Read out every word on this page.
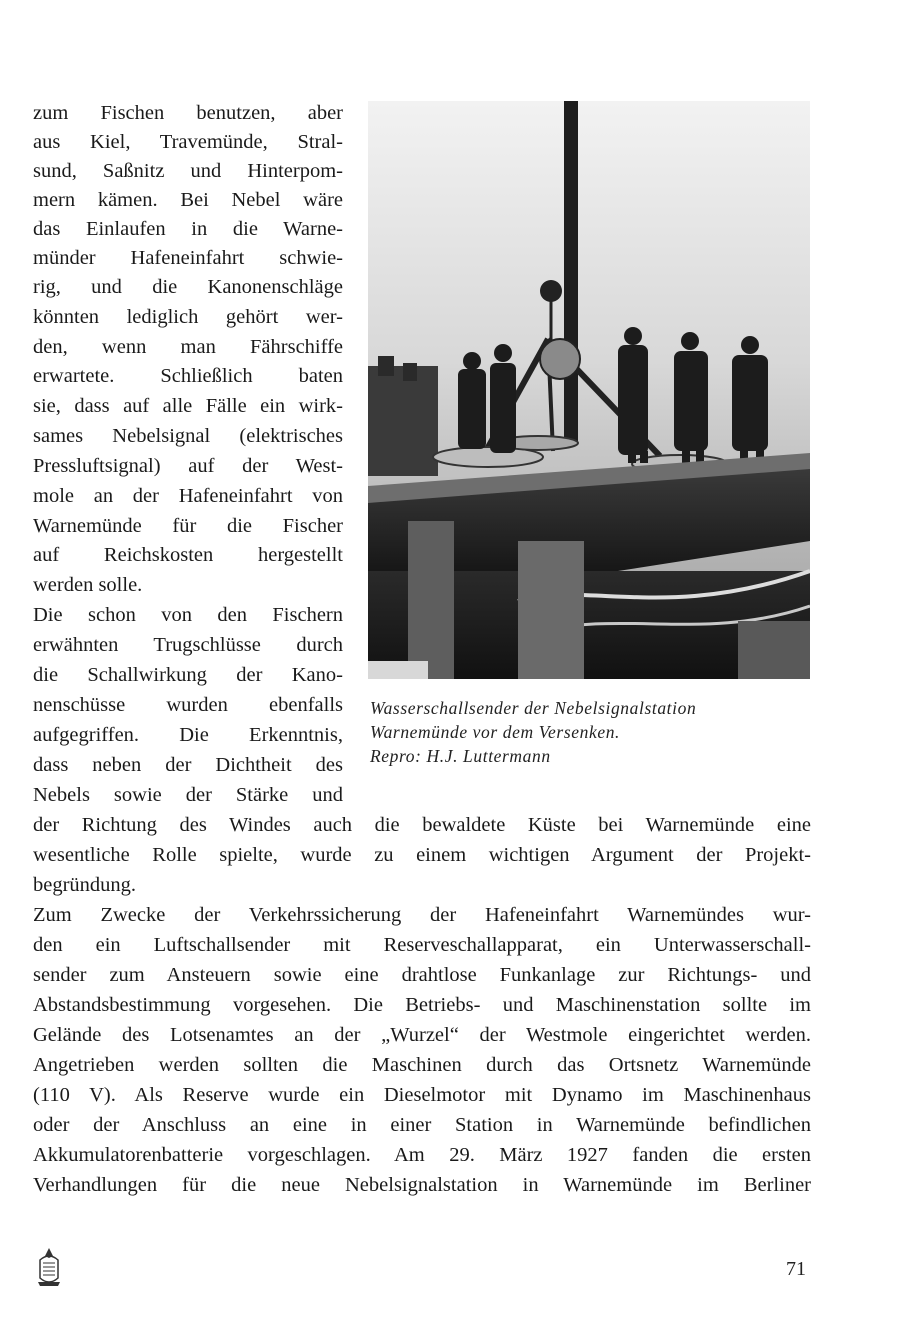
Wasserschallsender der Nebelsignalstation
Warnemünde vor dem Versenken.
Repro: H.J. Luttermann
zum Fischen benutzen, aber
aus Kiel, Travemünde, Stral-
sund, Saßnitz und Hinterpom-
mern kämen. Bei Nebel wäre
das Einlaufen in die Warne-
münder Hafeneinfahrt schwie-
rig, und die Kanonenschläge
könnten lediglich gehört wer-
den, wenn man Fährschiffe
erwartete. Schließlich baten
sie, dass auf alle Fälle ein wirk-
sames Nebelsignal (elektrisches
Pressluftsignal) auf der West-
mole an der Hafeneinfahrt von
Warnemünde für die Fischer
auf Reichskosten hergestellt
werden solle.
Die schon von den Fischern
erwähnten Trugschlüsse durch
die Schallwirkung der Kano-
nenschüsse wurden ebenfalls
aufgegriffen. Die Erkenntnis,
dass neben der Dichtheit des
Nebels sowie der Stärke und
der Richtung des Windes auch die bewaldete Küste bei Warnemünde eine
wesentliche Rolle spielte, wurde zu einem wichtigen Argument der Projekt-
begründung.
Zum Zwecke der Verkehrssicherung der Hafeneinfahrt Warnemündes wur-
den ein Luftschallsender mit Reserveschallapparat, ein Unterwasserschall-
sender zum Ansteuern sowie eine drahtlose Funkanlage zur Richtungs- und
Abstandsbestimmung vorgesehen. Die Betriebs- und Maschinenstation sollte im
Gelände des Lotsenamtes an der „Wurzel“ der Westmole eingerichtet werden.
Angetrieben werden sollten die Maschinen durch das Ortsnetz Warnemünde
(110 V). Als Reserve wurde ein Dieselmotor mit Dynamo im Maschinenhaus
oder der Anschluss an eine in einer Station in Warnemünde befindlichen
Akkumulatorenbatterie vorgeschlagen. Am 29. März 1927 fanden die ersten
Verhandlungen für die neue Nebelsignalstation in Warnemünde im Berliner
71
